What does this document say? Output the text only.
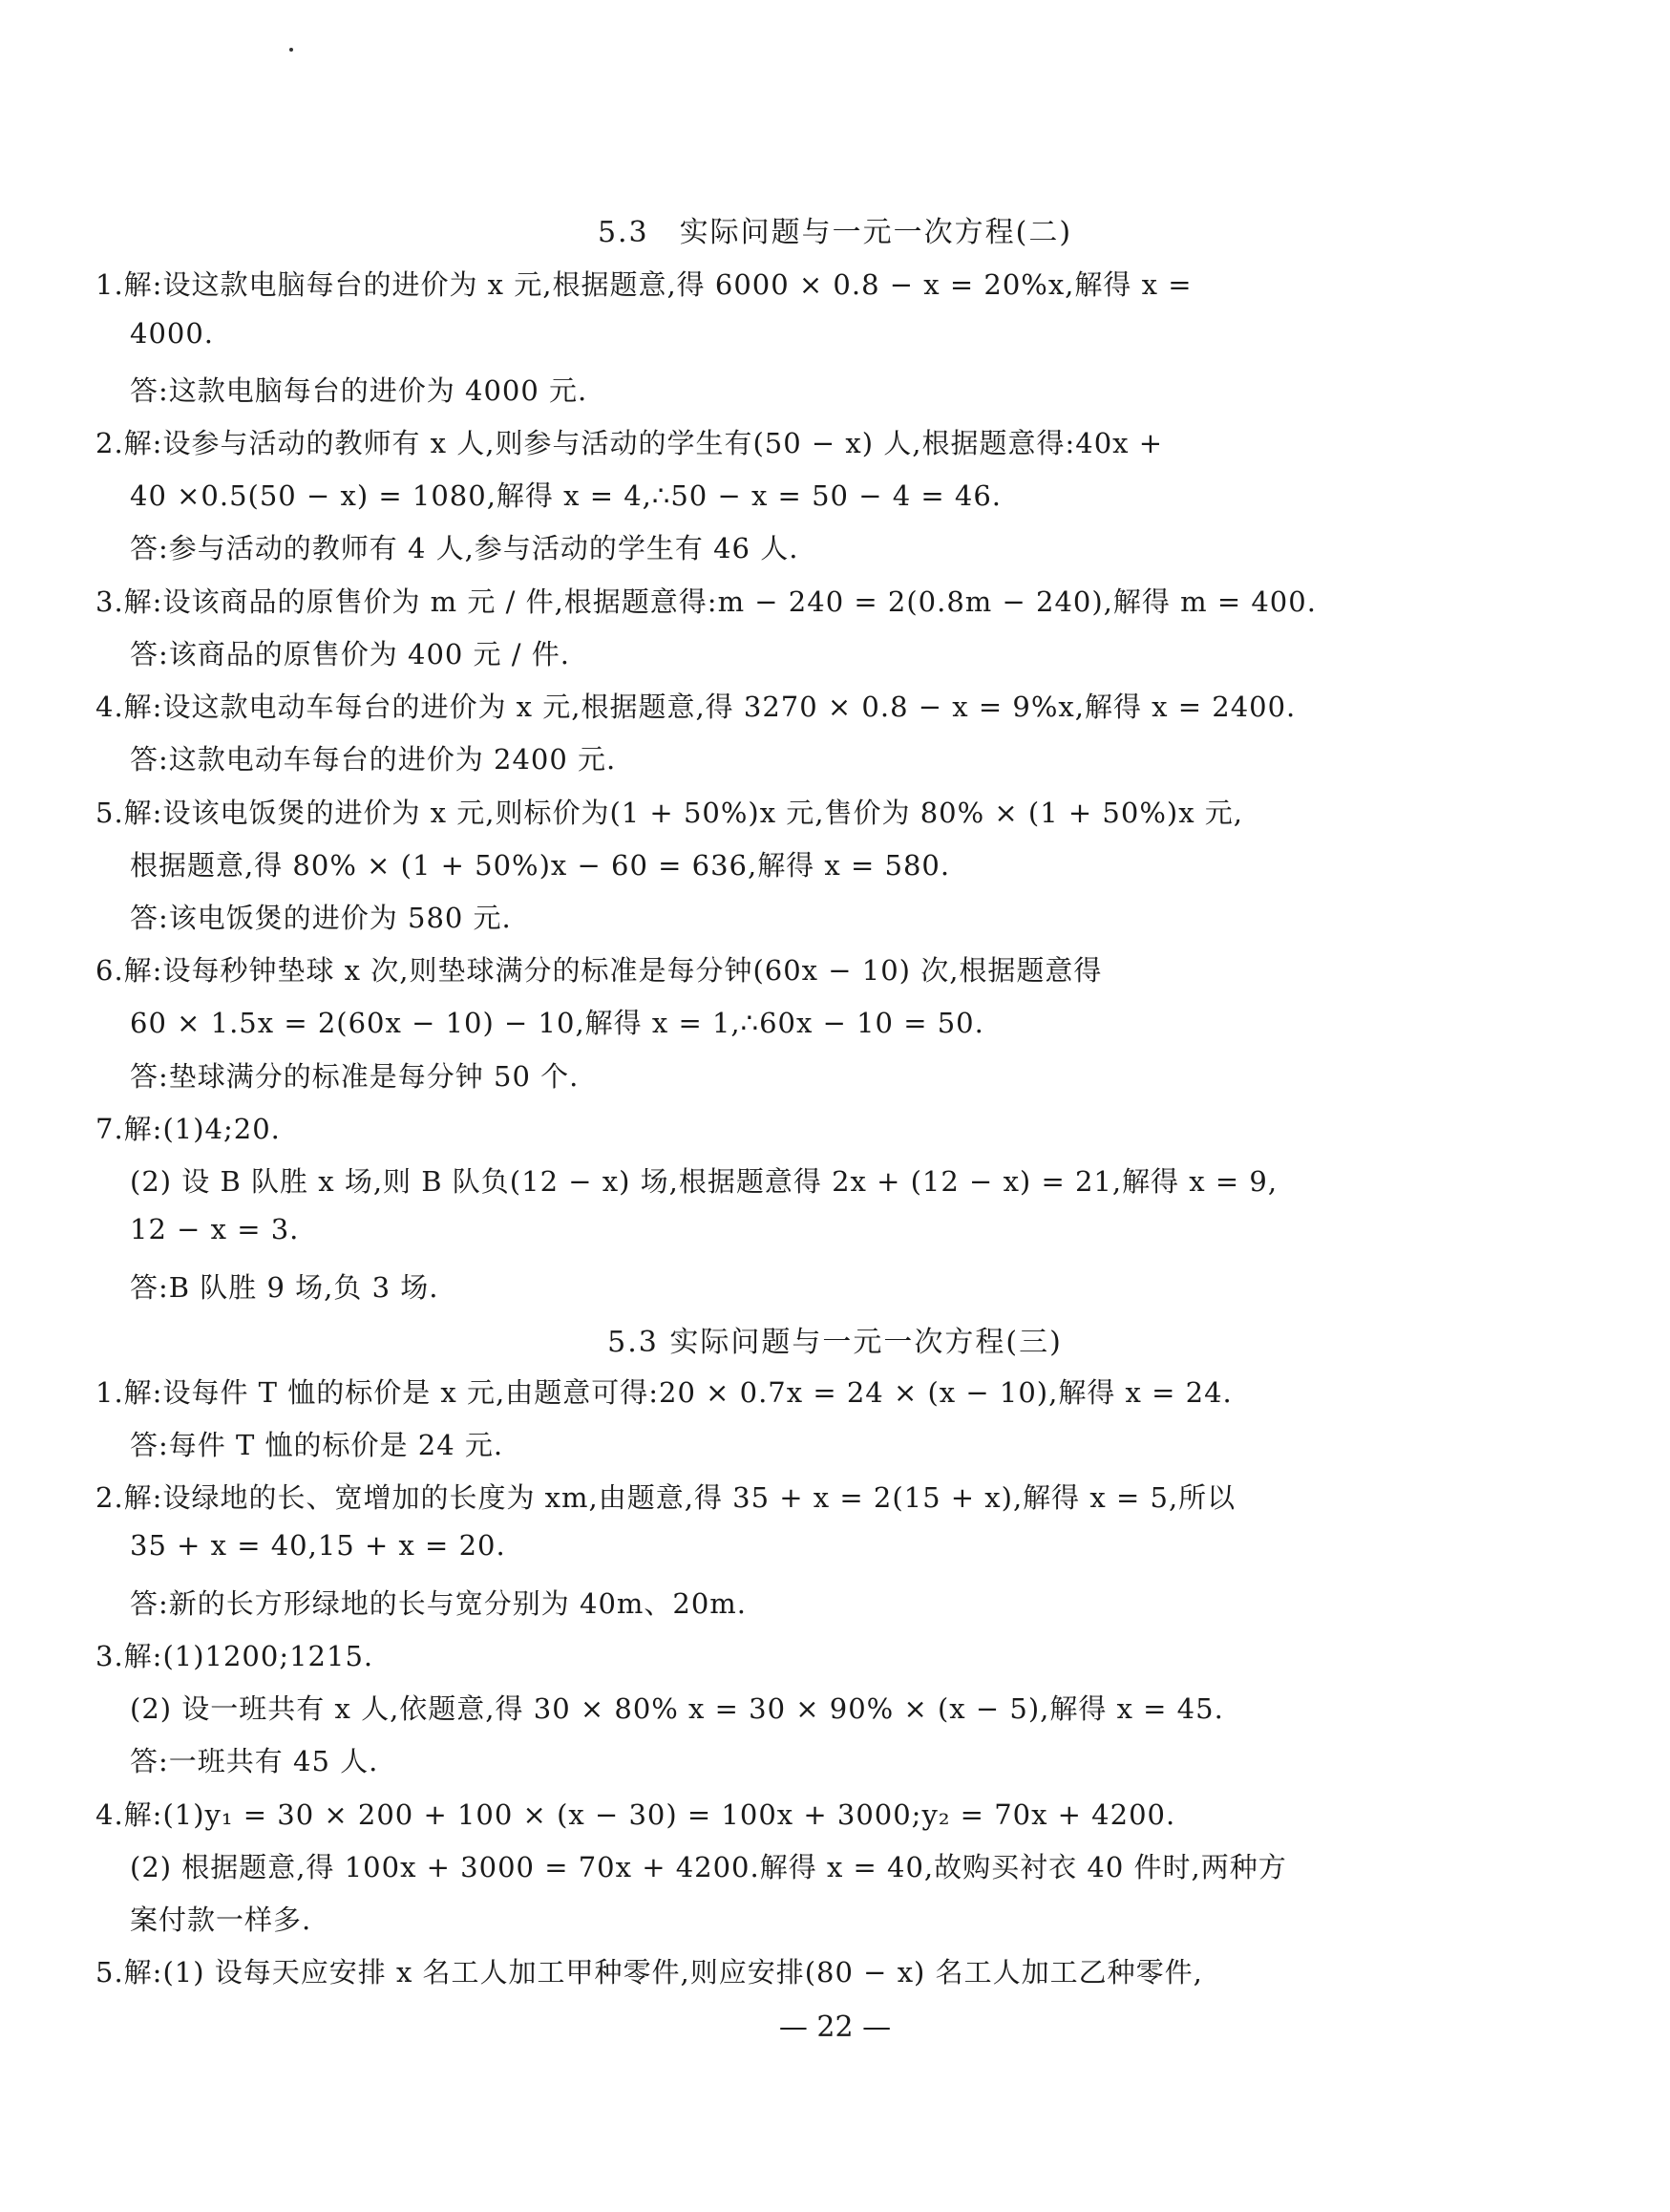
5.3　实际问题与一元一次方程(二)
1.解:设这款电脑每台的进价为 x 元,根据题意,得 6000 × 0.8 − x = 20%x,解得 x =
4000.
答:这款电脑每台的进价为 4000 元.
2.解:设参与活动的教师有 x 人,则参与活动的学生有(50 − x) 人,根据题意得:40x +
40 ×0.5(50 − x) = 1080,解得 x = 4,∴50 − x = 50 − 4 = 46.
答:参与活动的教师有 4 人,参与活动的学生有 46 人.
3.解:设该商品的原售价为 m 元 / 件,根据题意得:m − 240 = 2(0.8m − 240),解得 m = 400.
答:该商品的原售价为 400 元 / 件.
4.解:设这款电动车每台的进价为 x 元,根据题意,得 3270 × 0.8 − x = 9%x,解得 x = 2400.
答:这款电动车每台的进价为 2400 元.
5.解:设该电饭煲的进价为 x 元,则标价为(1 + 50%)x 元,售价为 80% × (1 + 50%)x 元,
根据题意,得 80% × (1 + 50%)x − 60 = 636,解得 x = 580.
答:该电饭煲的进价为 580 元.
6.解:设每秒钟垫球 x 次,则垫球满分的标准是每分钟(60x − 10) 次,根据题意得
60 × 1.5x = 2(60x − 10) − 10,解得 x = 1,∴60x − 10 = 50.
答:垫球满分的标准是每分钟 50 个.
7.解:(1)4;20.
(2) 设 B 队胜 x 场,则 B 队负(12 − x) 场,根据题意得 2x + (12 − x) = 21,解得 x = 9,
12 − x = 3.
答:B 队胜 9 场,负 3 场.
5.3 实际问题与一元一次方程(三)
1.解:设每件 T 恤的标价是 x 元,由题意可得:20 × 0.7x = 24 × (x − 10),解得 x = 24.
答:每件 T 恤的标价是 24 元.
2.解:设绿地的长、宽增加的长度为 xm,由题意,得 35 + x = 2(15 + x),解得 x = 5,所以
35 + x = 40,15 + x = 20.
答:新的长方形绿地的长与宽分别为 40m、20m.
3.解:(1)1200;1215.
(2) 设一班共有 x 人,依题意,得 30 × 80% x = 30 × 90% × (x − 5),解得 x = 45.
答:一班共有 45 人.
4.解:(1)y₁ = 30 × 200 + 100 × (x − 30) = 100x + 3000;y₂ = 70x + 4200.
(2) 根据题意,得 100x + 3000 = 70x + 4200.解得 x = 40,故购买衬衣 40 件时,两种方
案付款一样多.
5.解:(1) 设每天应安排 x 名工人加工甲种零件,则应安排(80 − x) 名工人加工乙种零件,
— 22 —
